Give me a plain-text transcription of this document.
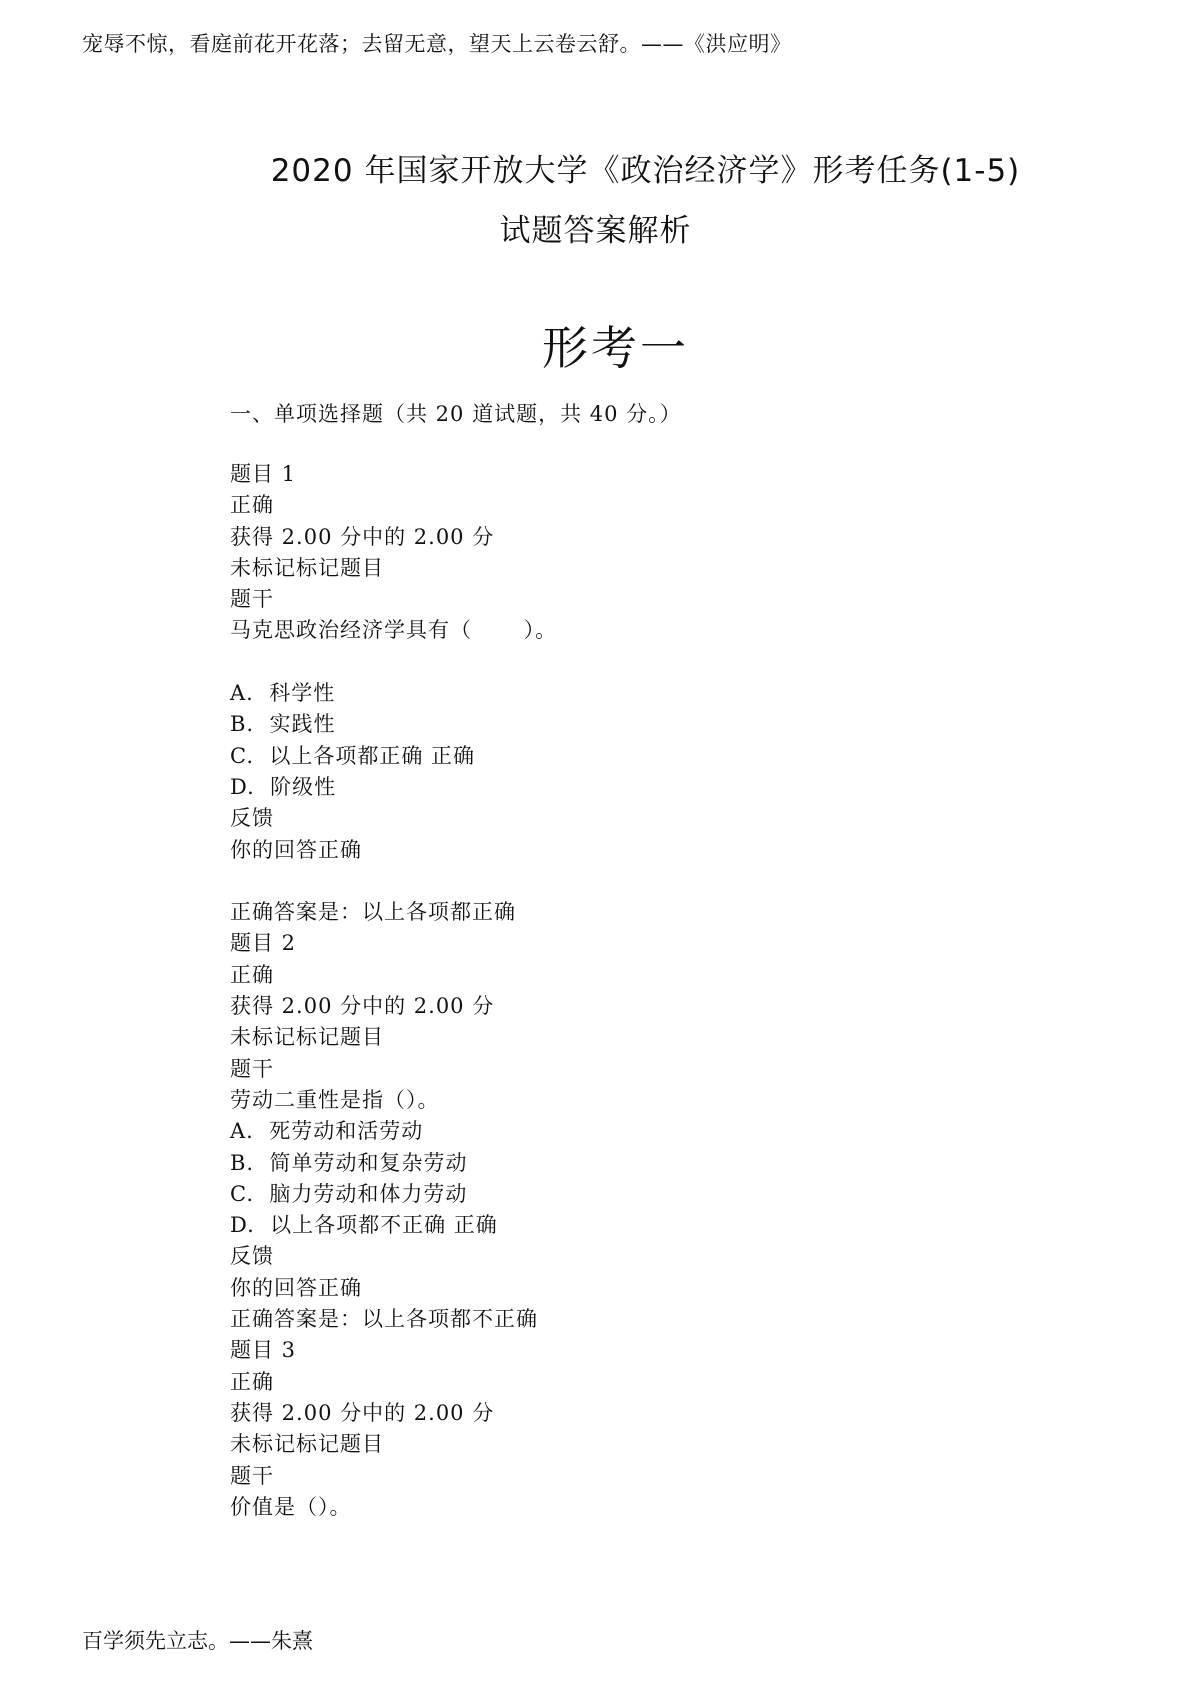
宠辱不惊，看庭前花开花落；去留无意，望天上云卷云舒。——《洪应明》
2020 年国家开放大学《政治经济学》形考任务(1-5)
试题答案解析
形考一
一、单项选择题（共 20 道试题，共 40 分。）
题目 1
正确
获得 2.00 分中的 2.00 分
未标记标记题目
题干
马克思政治经济学具有（　　 ）。
A.  科学性
B.  实践性
C.  以上各项都正确 正确
D.  阶级性
反馈
你的回答正确
正确答案是：以上各项都正确
题目 2
正确
获得 2.00 分中的 2.00 分
未标记标记题目
题干
劳动二重性是指（）。
A.  死劳动和活劳动
B.  简单劳动和复杂劳动
C.  脑力劳动和体力劳动
D.  以上各项都不正确 正确
反馈
你的回答正确
正确答案是：以上各项都不正确
题目 3
正确
获得 2.00 分中的 2.00 分
未标记标记题目
题干
价值是（）。
百学须先立志。——朱熹
